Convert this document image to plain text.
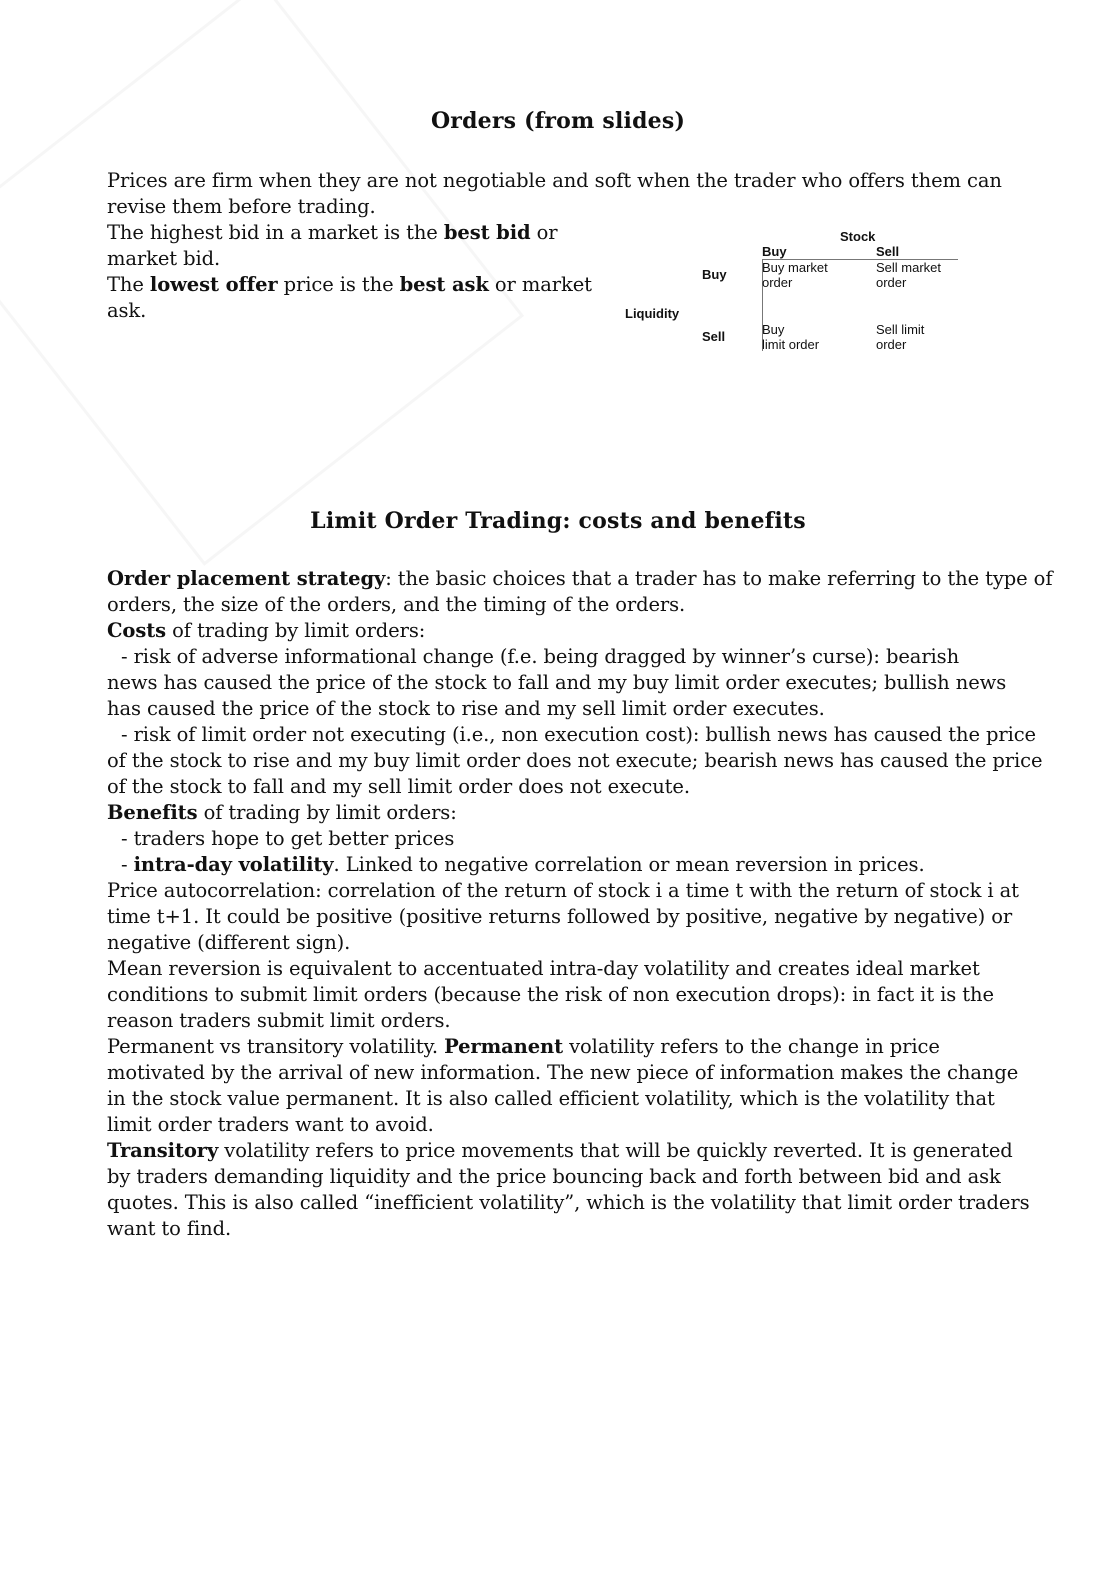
Orders (from slides)
Prices are firm when they are not negotiable and soft when the trader who offers them can
revise them before trading.
The highest bid in a market is the best bid or
market bid.
The lowest offer price is the best ask or market
ask.
Stock
Buy	Sell
Buy
Liquidity
Sell
Buy market
order
Sell market
order
Buy
limit order
Sell limit
order
Limit Order Trading: costs and benefits
Order placement strategy: the basic choices that a trader has to make referring to the type of
orders, the size of the orders, and the timing of the orders.
Costs of trading by limit orders:
- risk of adverse informational change (f.e. being dragged by winner’s curse): bearish
news has caused the price of the stock to fall and my buy limit order executes; bullish news
has caused the price of the stock to rise and my sell limit order executes.
- risk of limit order not executing (i.e., non execution cost): bullish news has caused the price
of the stock to rise and my buy limit order does not execute; bearish news has caused the price
of the stock to fall and my sell limit order does not execute.
Benefits of trading by limit orders:
- traders hope to get better prices
- intra-day volatility. Linked to negative correlation or mean reversion in prices.
Price autocorrelation: correlation of the return of stock i a time t with the return of stock i at
time t+1. It could be positive (positive returns followed by positive, negative by negative) or
negative (different sign).
Mean reversion is equivalent to accentuated intra-day volatility and creates ideal market
conditions to submit limit orders (because the risk of non execution drops): in fact it is the
reason traders submit limit orders.
Permanent vs transitory volatility. Permanent volatility refers to the change in price
motivated by the arrival of new information. The new piece of information makes the change
in the stock value permanent. It is also called efficient volatility, which is the volatility that
limit order traders want to avoid.
Transitory volatility refers to price movements that will be quickly reverted. It is generated
by traders demanding liquidity and the price bouncing back and forth between bid and ask
quotes. This is also called “inefficient volatility”, which is the volatility that limit order traders
want to find.
